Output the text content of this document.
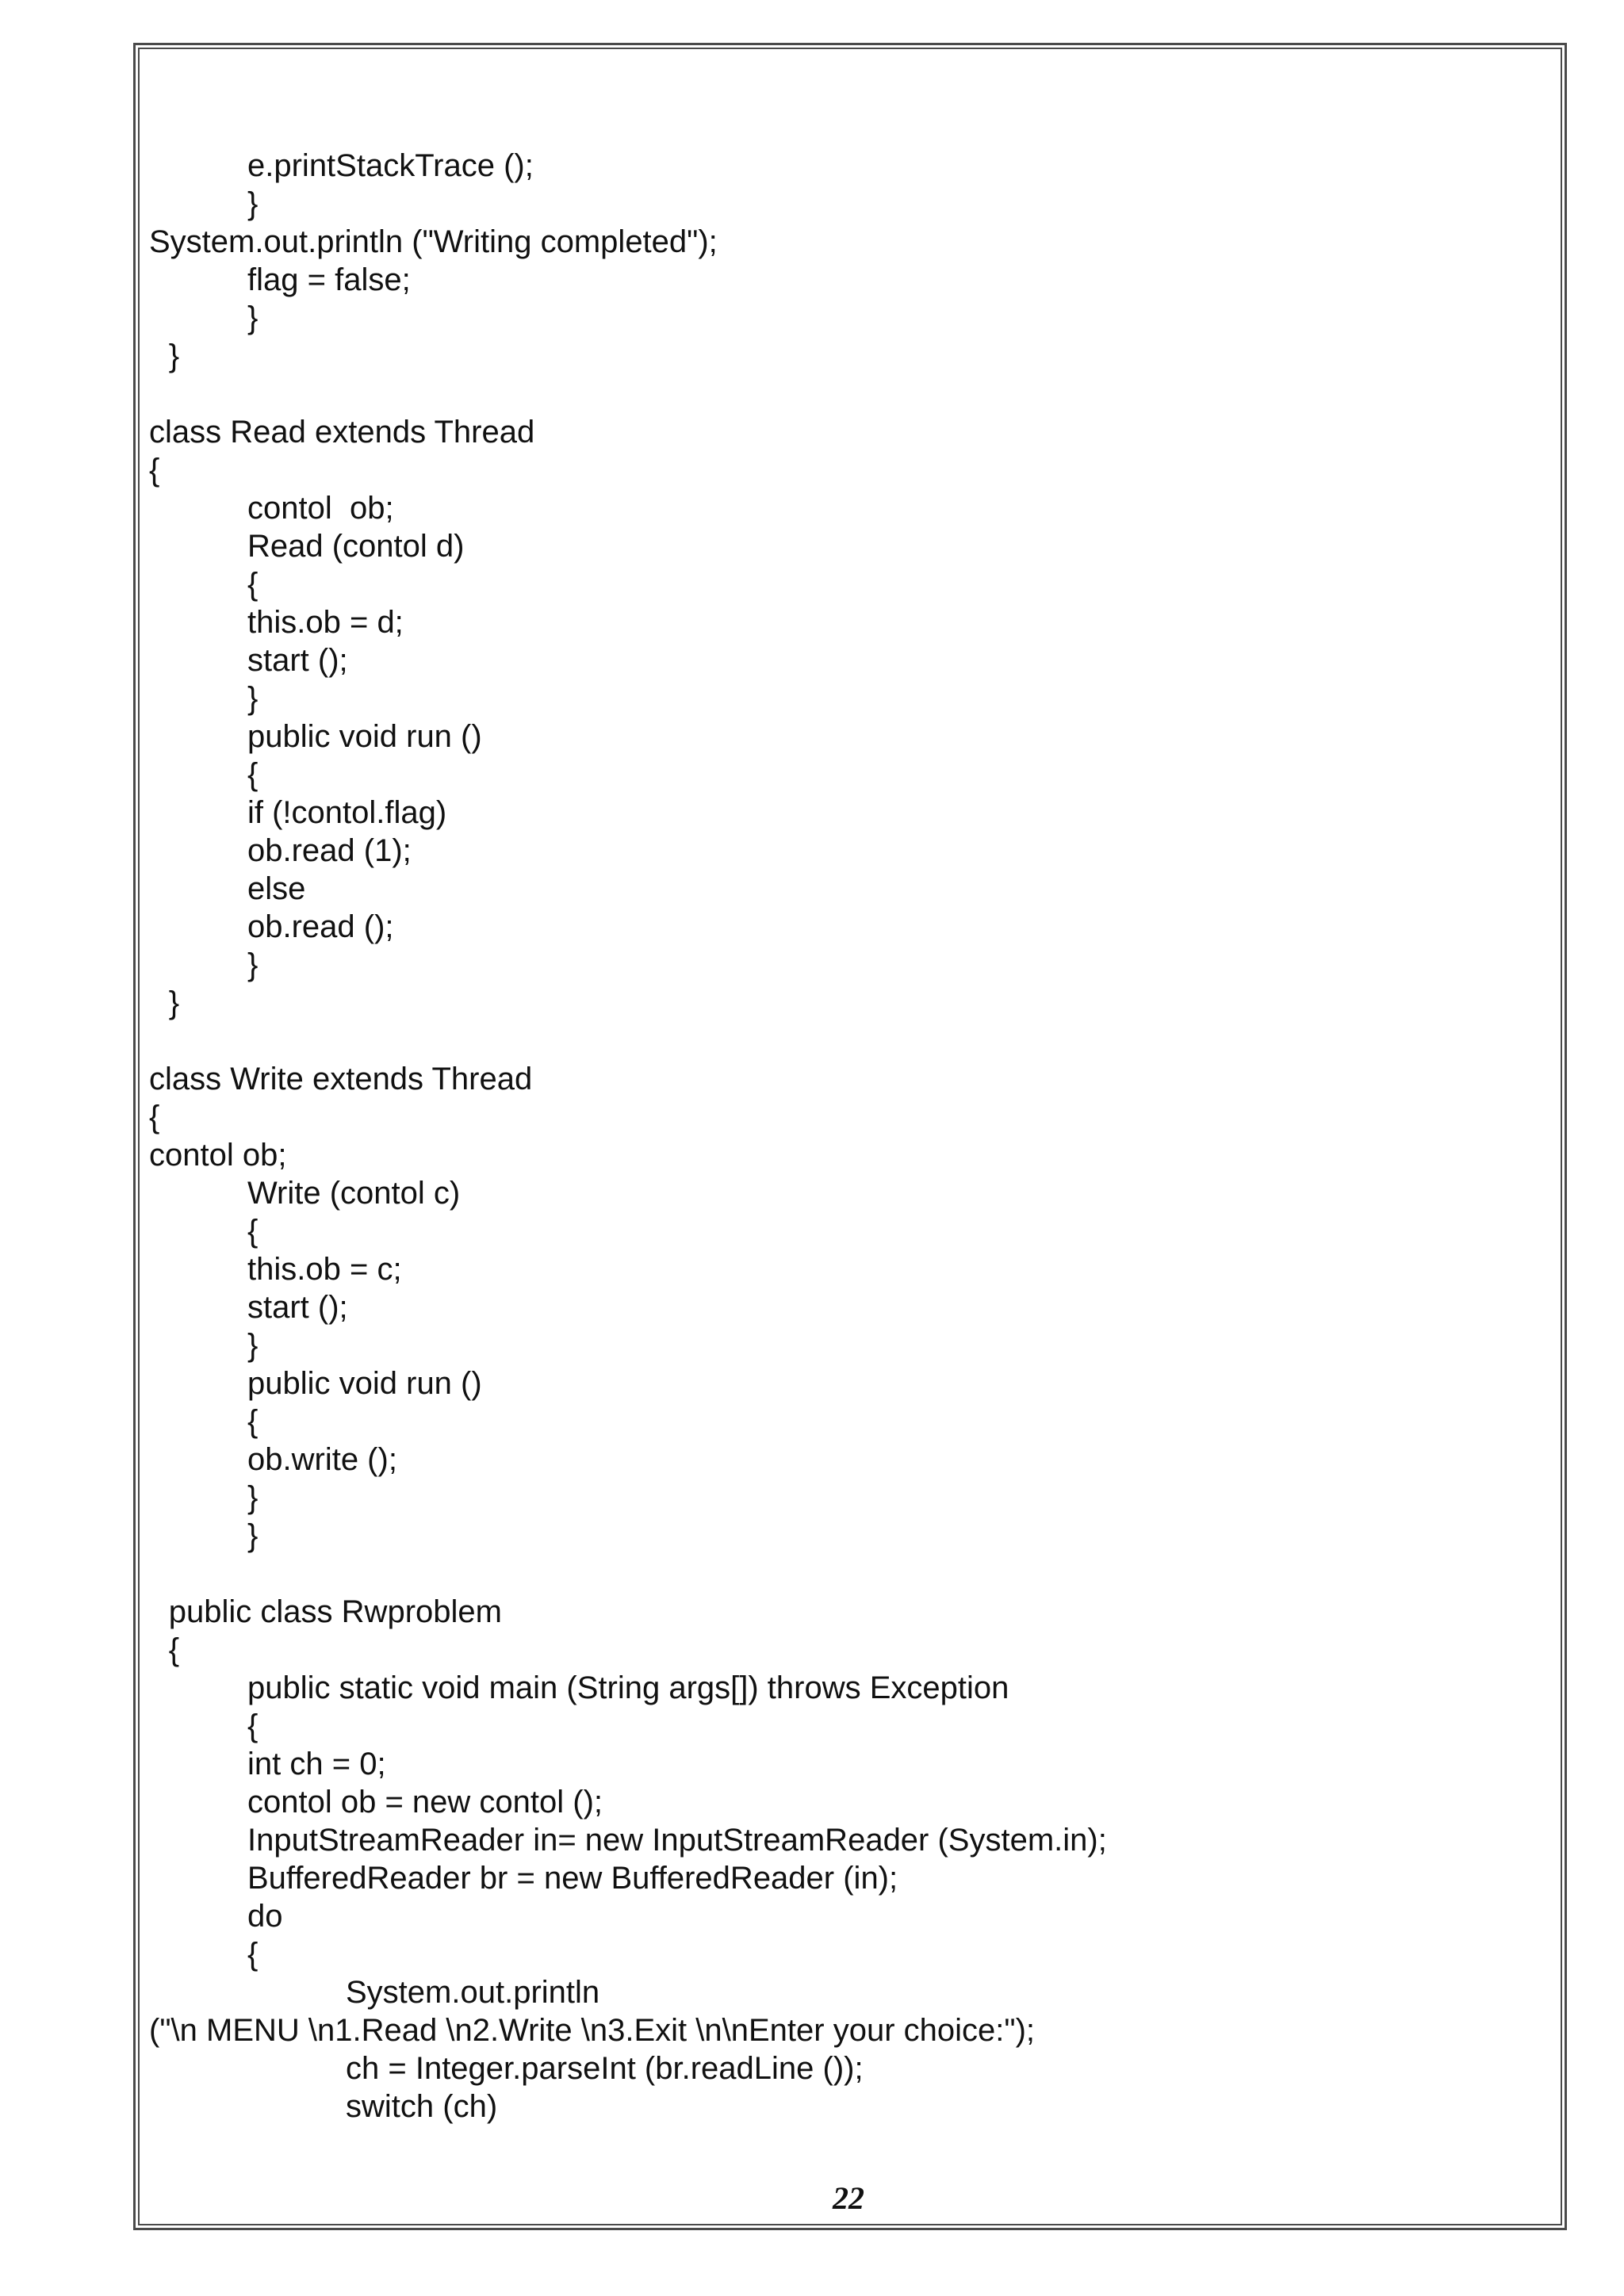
e.printStackTrace ();
}
System.out.println ("Writing completed");
flag = false;
}
}
class Read extends Thread
{
contol  ob;
Read (contol d)
{
this.ob = d;
start ();
}
public void run ()
{
if (!contol.flag)
ob.read (1);
else
ob.read ();
}
}
class Write extends Thread
{
contol ob;
Write (contol c)
{
this.ob = c;
start ();
}
public void run ()
{
ob.write ();
}
}
public class Rwproblem
{
public static void main (String args[]) throws Exception
{
int ch = 0;
contol ob = new contol ();
InputStreamReader in= new InputStreamReader (System.in);
BufferedReader br = new BufferedReader (in);
do
{
System.out.println
("\n MENU \n1.Read \n2.Write \n3.Exit \n\nEnter your choice:");
ch = Integer.parseInt (br.readLine ());
switch (ch)
22
